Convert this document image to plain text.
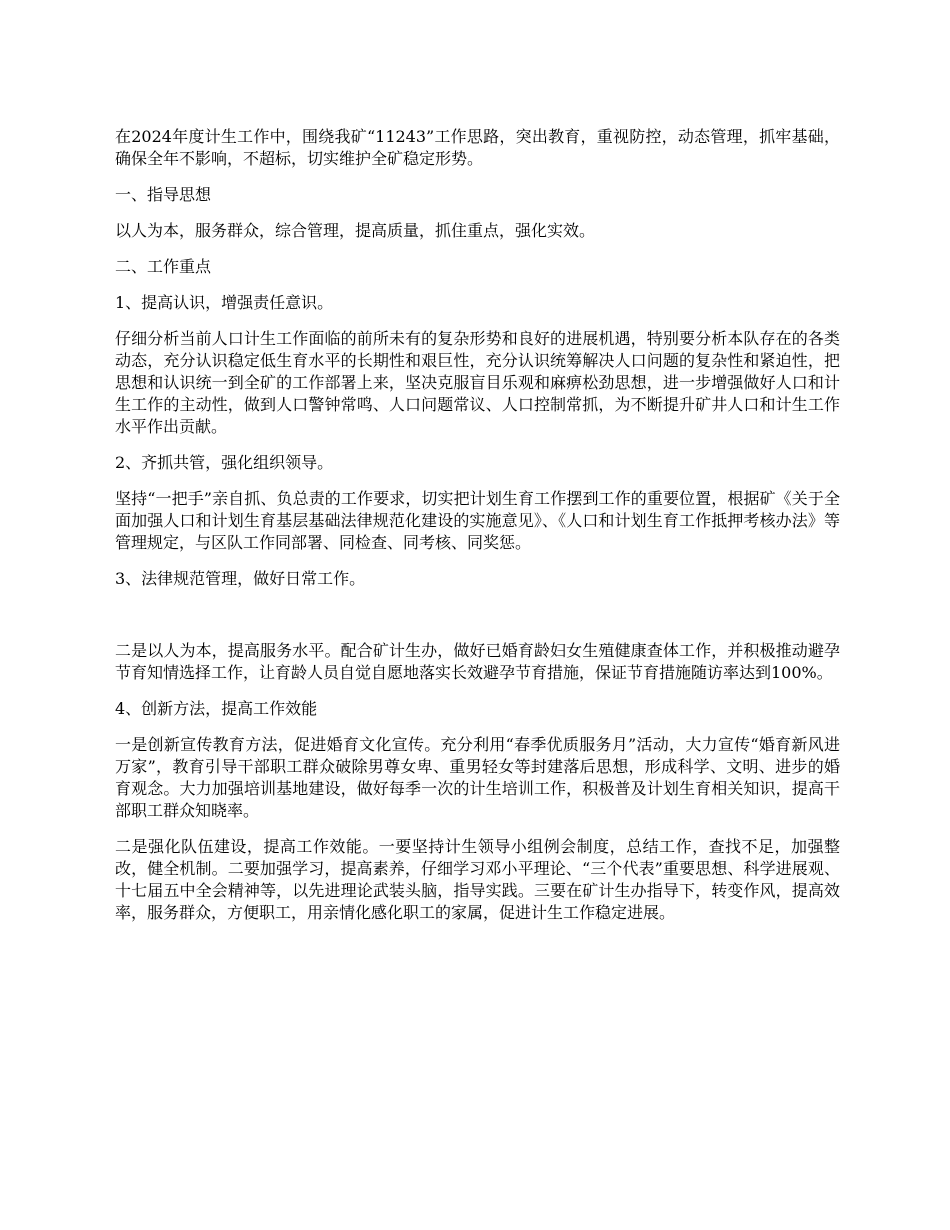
在2024年度计生工作中，围绕我矿“11243”工作思路，突出教育，重视防控，动态管理，抓牢基础，确保全年不影响，不超标，切实维护全矿稳定形势。

一、指导思想

以人为本，服务群众，综合管理，提高质量，抓住重点，强化实效。

二、工作重点

1、提高认识，增强责任意识。

仔细分析当前人口计生工作面临的前所未有的复杂形势和良好的进展机遇，特别要分析本队存在的各类动态，充分认识稳定低生育水平的长期性和艰巨性，充分认识统筹解决人口问题的复杂性和紧迫性，把思想和认识统一到全矿的工作部署上来，坚决克服盲目乐观和麻痹松劲思想，进一步增强做好人口和计生工作的主动性，做到人口警钟常鸣、人口问题常议、人口控制常抓，为不断提升矿井人口和计生工作水平作出贡献。

2、齐抓共管，强化组织领导。

坚持“一把手”亲自抓、负总责的工作要求，切实把计划生育工作摆到工作的重要位置，根据矿《关于全面加强人口和计划生育基层基础法律规范化建设的实施意见》、《人口和计划生育工作抵押考核办法》等管理规定，与区队工作同部署、同检查、同考核、同奖惩。

3、法律规范管理，做好日常工作。

二是以人为本，提高服务水平。配合矿计生办，做好已婚育龄妇女生殖健康查体工作，并积极推动避孕节育知情选择工作，让育龄人员自觉自愿地落实长效避孕节育措施，保证节育措施随访率达到100%。

4、创新方法，提高工作效能

一是创新宣传教育方法，促进婚育文化宣传。充分利用“春季优质服务月”活动，大力宣传“婚育新风进万家”，教育引导干部职工群众破除男尊女卑、重男轻女等封建落后思想，形成科学、文明、进步的婚育观念。大力加强培训基地建设，做好每季一次的计生培训工作，积极普及计划生育相关知识，提高干部职工群众知晓率。

二是强化队伍建设，提高工作效能。一要坚持计生领导小组例会制度，总结工作，查找不足，加强整改，健全机制。二要加强学习，提高素养，仔细学习邓小平理论、“三个代表”重要思想、科学进展观、十七届五中全会精神等，以先进理论武装头脑，指导实践。三要在矿计生办指导下，转变作风，提高效率，服务群众，方便职工，用亲情化感化职工的家属，促进计生工作稳定进展。
